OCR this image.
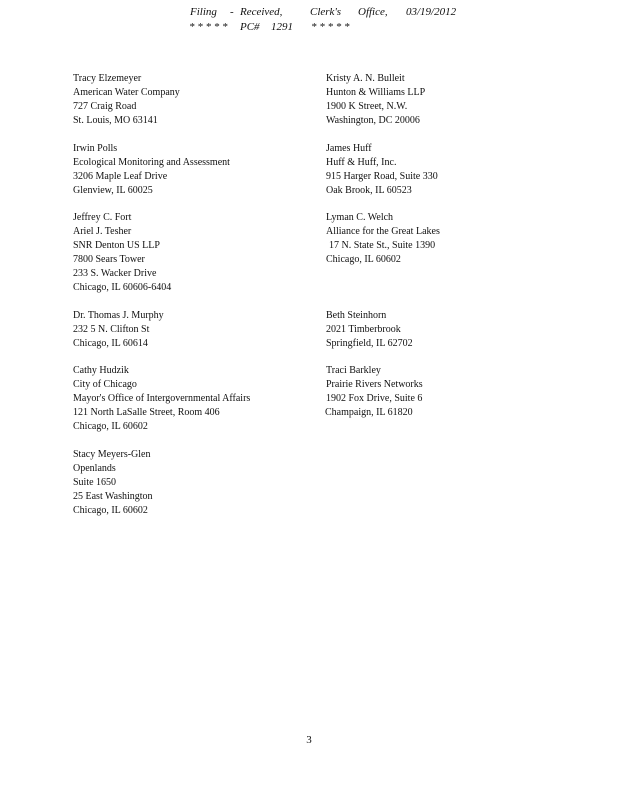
Filing - Received,	Clerk's Office, 03/19/2012
* * * * * PC# 1291 * * * * *
Tracy Elzemeyer
American Water Company
727 Craig Road
St. Louis, MO 63141
Irwin Polls
Ecological Monitoring and Assessment
3206 Maple Leaf Drive
Glenview, IL 60025
Jeffrey C. Fort
Ariel J. Tesher
SNR Denton US LLP
7800 Sears Tower
233 S. Wacker Drive
Chicago, IL 60606-6404
Dr. Thomas J. Murphy
232 5 N. Clifton St
Chicago, IL 60614
Cathy Hudzik
City of Chicago
Mayor's Office of Intergovernmental Affairs
121 North LaSalle Street, Room 406
Chicago, IL 60602
Stacy Meyers-Glen
Openlands
Suite 1650
25 East Washington
Chicago, IL 60602
Kristy A. N. Bulleit
Hunton & Williams LLP
1900 K Street, N.W.
Washington, DC 20006
James Huff
Huff & Huff, Inc.
915 Harger Road, Suite 330
Oak Brook, IL 60523
Lyman C. Welch
Alliance for the Great Lakes
17 N. State St., Suite 1390
Chicago, IL 60602
Beth Steinhorn
2021 Timberbrook
Springfield, IL 62702
Traci Barkley
Prairie Rivers Networks
1902 Fox Drive, Suite 6
Champaign, IL 61820
3
